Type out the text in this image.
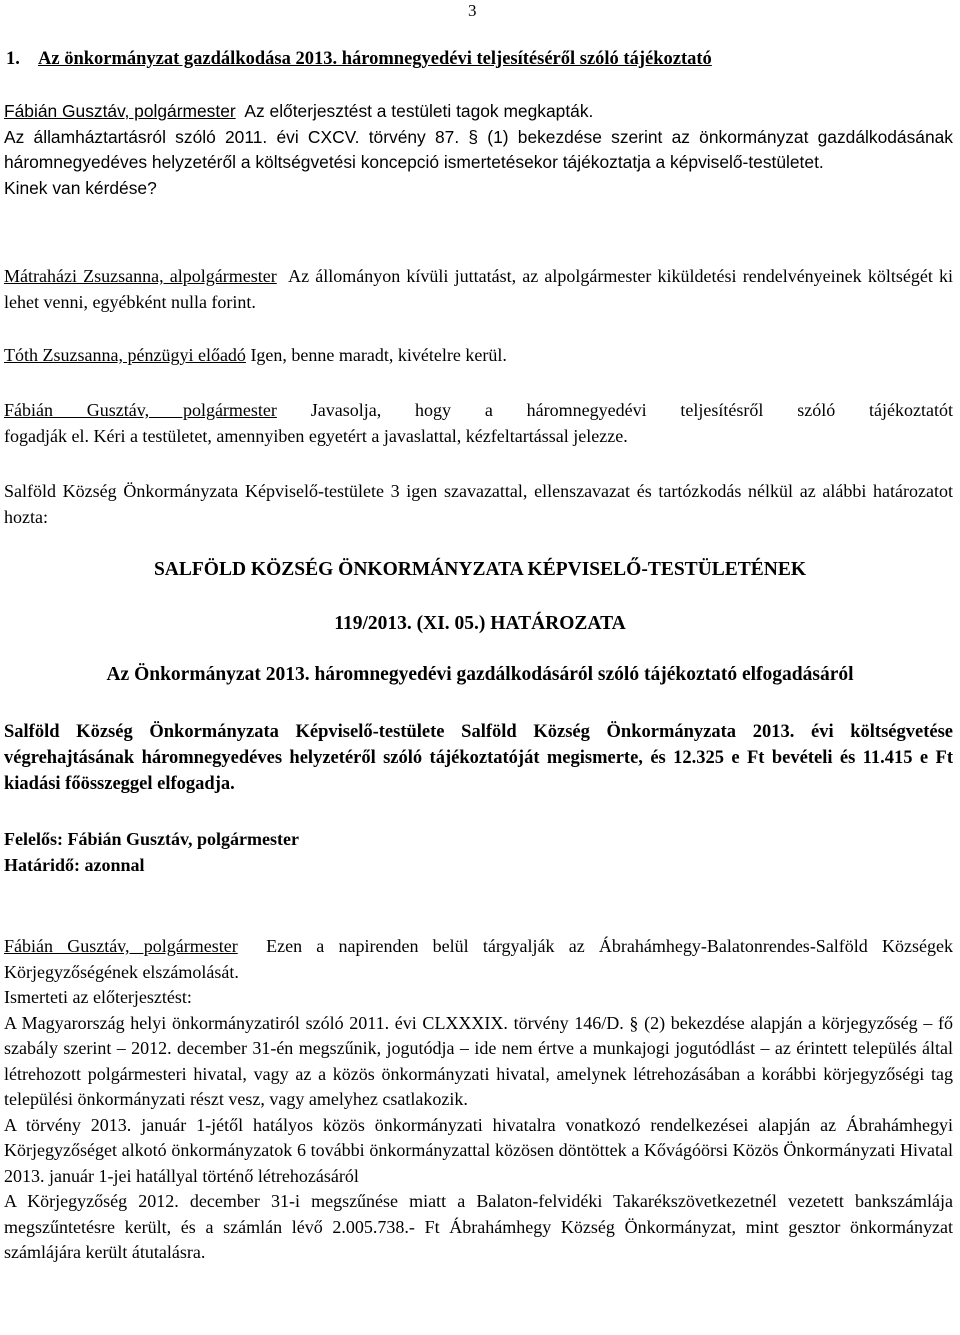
3
1. Az önkormányzat gazdálkodása 2013. háromnegyedévi teljesítéséről szóló tájékoztató
Fábián Gusztáv, polgármester Az előterjesztést a testületi tagok megkapták.
Az államháztartásról szóló 2011. évi CXCV. törvény 87. § (1) bekezdése szerint az önkormányzat gazdálkodásának háromnegyedéves helyzetéről a költségvetési koncepció ismertetésekor tájékoztatja a képviselő-testületet.
Kinek van kérdése?
Mátraházi Zsuzsanna, alpolgármester Az állományon kívüli juttatást, az alpolgármester kiküldetési rendelvényeinek költségét ki lehet venni, egyébként nulla forint.
Tóth Zsuzsanna, pénzügyi előadó Igen, benne maradt, kivételre kerül.
Fábián Gusztáv, polgármester Javasolja, hogy a háromnegyedévi teljesítésről szóló tájékoztatót
fogadják el. Kéri a testületet, amennyiben egyetért a javaslattal, kézfeltartással jelezze.
Salföld Község Önkormányzata Képviselő-testülete 3 igen szavazattal, ellenszavazat és tartózkodás nélkül az alábbi határozatot hozta:
SALFÖLD KÖZSÉG ÖNKORMÁNYZATA KÉPVISELŐ-TESTÜLETÉNEK
119/2013. (XI. 05.) HATÁROZATA
Az Önkormányzat 2013. háromnegyedévi gazdálkodásáról szóló tájékoztató elfogadásáról
Salföld Község Önkormányzata Képviselő-testülete Salföld Község Önkormányzata 2013. évi költségvetése végrehajtásának háromnegyedéves helyzetéről szóló tájékoztatóját megismerte, és 12.325 e Ft bevételi és 11.415 e Ft kiadási főösszeggel elfogadja.
Felelős: Fábián Gusztáv, polgármester
Határidő: azonnal
Fábián Gusztáv, polgármester Ezen a napirenden belül tárgyalják az Ábrahámhegy-Balatonrendes-Salföld Községek Körjegyzőségének elszámolását.
Ismerteti az előterjesztést:
A Magyarország helyi önkormányzatiról szóló 2011. évi CLXXXIX. törvény 146/D. § (2) bekezdése alapján a körjegyzőség – fő szabály szerint – 2012. december 31-én megszűnik, jogutódja – ide nem értve a munkajogi jogutódlást – az érintett település által létrehozott polgármesteri hivatal, vagy az a közös önkormányzati hivatal, amelynek létrehozásában a korábbi körjegyzőségi tag települési önkormányzati részt vesz, vagy amelyhez csatlakozik.
A törvény 2013. január 1-jétől hatályos közös önkormányzati hivatalra vonatkozó rendelkezései alapján az Ábrahámhegyi Körjegyzőséget alkotó önkormányzatok 6 további önkormányzattal közösen döntöttek a Kővágóörsi Közös Önkormányzati Hivatal 2013. január 1-jei hatállyal történő létrehozásáról
A Körjegyzőség 2012. december 31-i megszűnése miatt a Balaton-felvidéki Takarékszövetkezetnél vezetett bankszámlája megszűntetésre került, és a számlán lévő 2.005.738.- Ft Ábrahámhegy Község Önkormányzat, mint gesztor önkormányzat számlájára került átutalásra.
